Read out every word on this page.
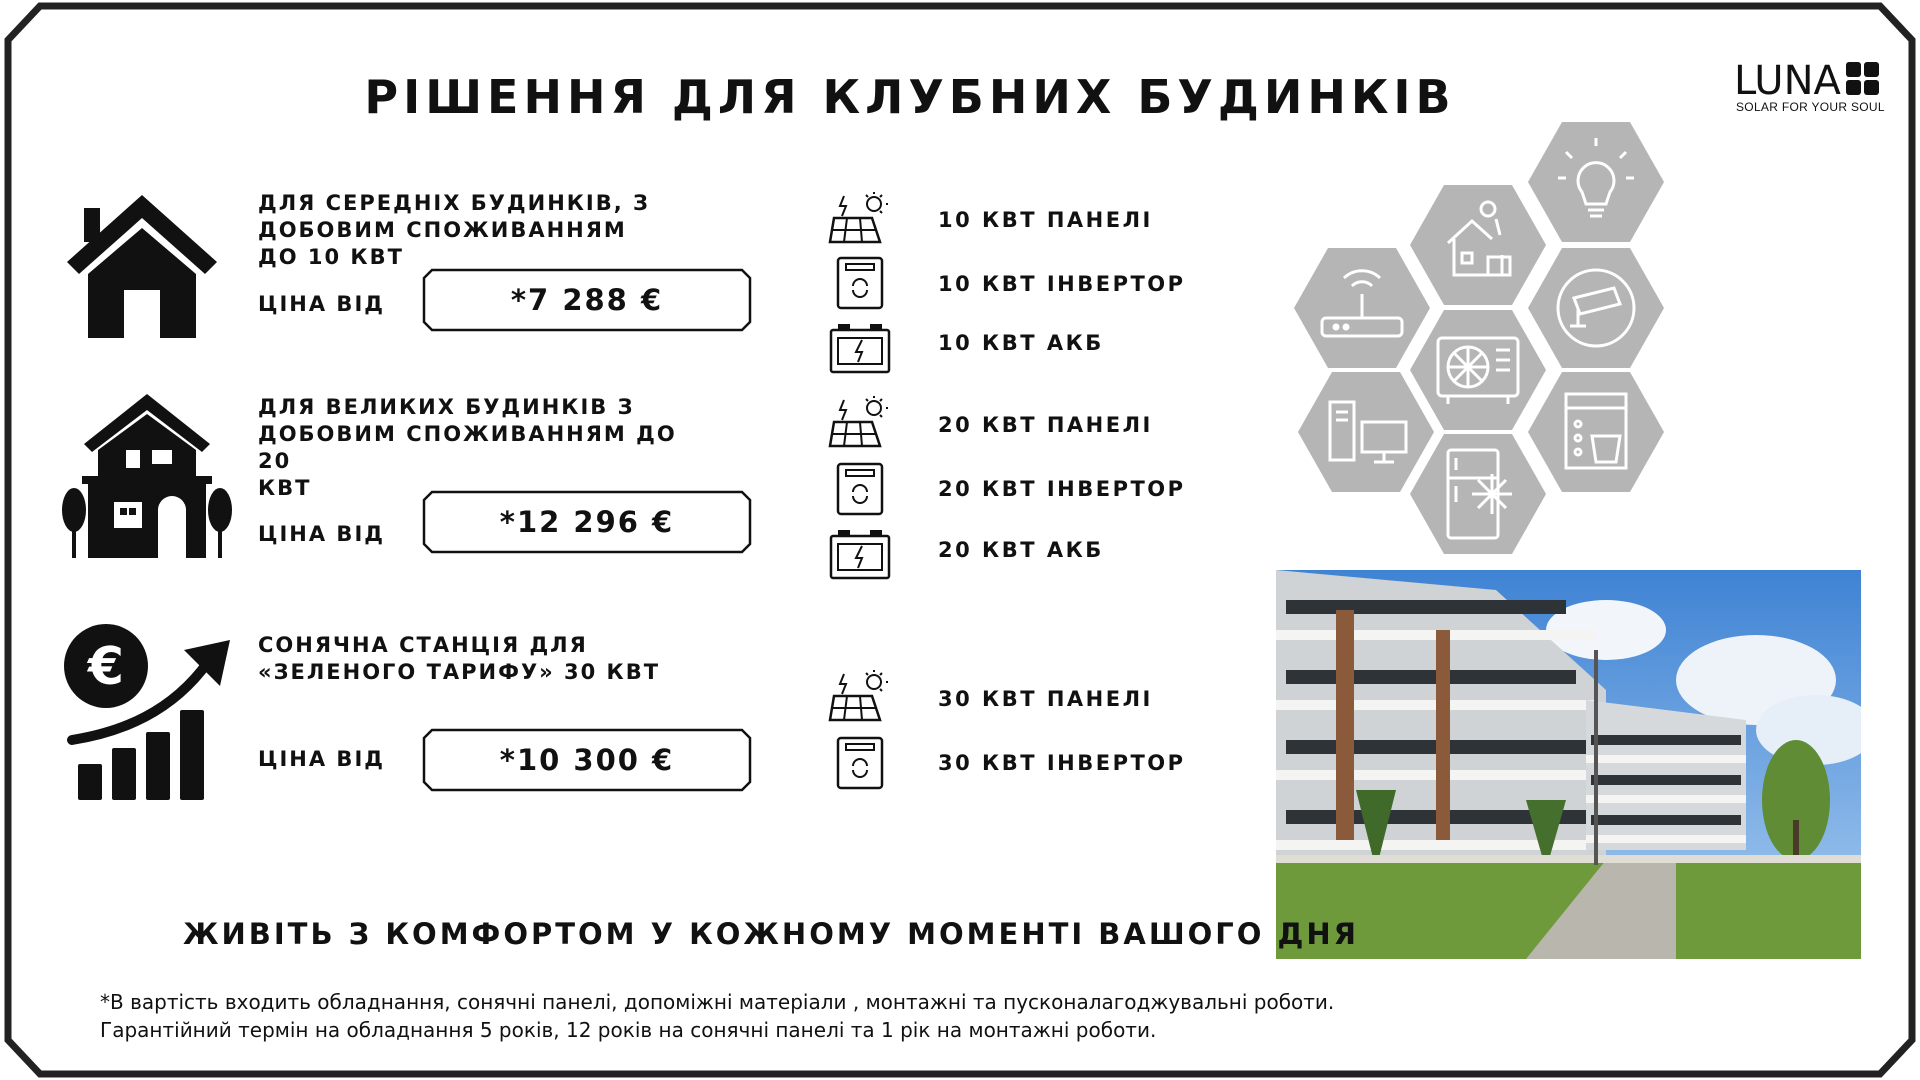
РІШЕННЯ ДЛЯ КЛУБНИХ БУДИНКІВ	LUNA
SOLAR FOR YOUR SOUL

ДЛЯ СЕРЕДНІХ БУДИНКІВ, З
ДОБОВИМ СПОЖИВАННЯМ
ДО 10 КВТ

ЦІНА ВІД	*7 288 €
10 КВТ ПАНЕЛІ
10 КВТ ІНВЕРТОР
10 КВТ АКБ

ДЛЯ ВЕЛИКИХ БУДИНКІВ З
ДОБОВИМ СПОЖИВАННЯМ ДО 20
КВТ

ЦІНА ВІД	*12 296 €
20 КВТ ПАНЕЛІ
20 КВТ ІНВЕРТОР
20 КВТ АКБ
€	СОНЯЧНА СТАНЦІЯ ДЛЯ
«ЗЕЛЕНОГО ТАРИФУ» 30 КВТ

ЦІНА ВІД	*10 300 €
30 КВТ ПАНЕЛІ
30 КВТ ІНВЕРТОР
ЖИВІТЬ З КОМФОРТОМ У КОЖНОМУ МОМЕНТІ ВАШОГО ДНЯ

*В вартість входить обладнання, сонячні панелі, допоміжні матеріали , монтажні та пусконалагоджувальні роботи.
Гарантійний термін на обладнання 5 років, 12 років на сонячні панелі та 1 рік на монтажні роботи.
